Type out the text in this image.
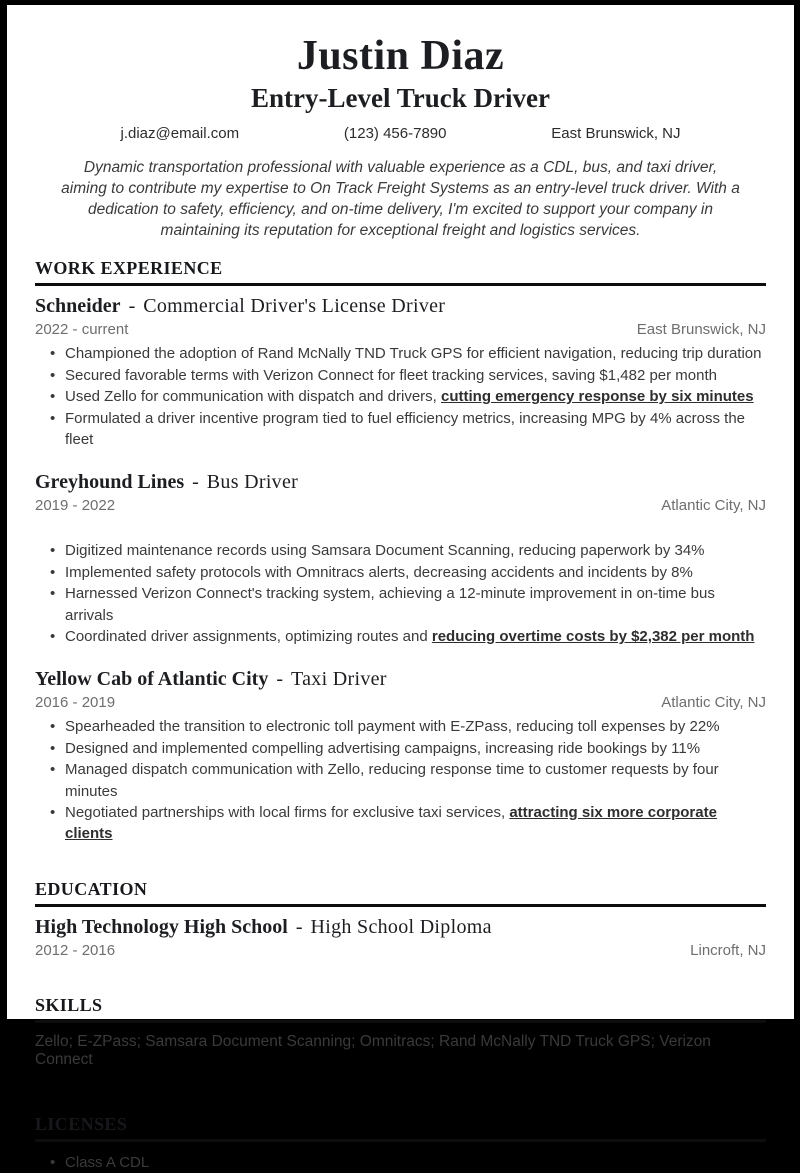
Justin Diaz
Entry-Level Truck Driver
j.diaz@email.com	(123) 456-7890	East Brunswick, NJ

Dynamic transportation professional with valuable experience as a CDL, bus, and taxi driver, aiming to contribute my expertise to On Track Freight Systems as an entry-level truck driver. With a dedication to safety, efficiency, and on-time delivery, I'm excited to support your company in maintaining its reputation for exceptional freight and logistics services.

WORK EXPERIENCE
Schneider - Commercial Driver's License Driver
2022 - current	East Brunswick, NJ
• Championed the adoption of Rand McNally TND Truck GPS for efficient navigation, reducing trip duration
• Secured favorable terms with Verizon Connect for fleet tracking services, saving $1,482 per month
• Used Zello for communication with dispatch and drivers, cutting emergency response by six minutes
• Formulated a driver incentive program tied to fuel efficiency metrics, increasing MPG by 4% across the fleet
Greyhound Lines - Bus Driver
2019 - 2022	Atlantic City, NJ
• Digitized maintenance records using Samsara Document Scanning, reducing paperwork by 34%
• Implemented safety protocols with Omnitracs alerts, decreasing accidents and incidents by 8%
• Harnessed Verizon Connect's tracking system, achieving a 12-minute improvement in on-time bus arrivals
• Coordinated driver assignments, optimizing routes and reducing overtime costs by $2,382 per month
Yellow Cab of Atlantic City - Taxi Driver
2016 - 2019	Atlantic City, NJ
• Spearheaded the transition to electronic toll payment with E-ZPass, reducing toll expenses by 22%
• Designed and implemented compelling advertising campaigns, increasing ride bookings by 11%
• Managed dispatch communication with Zello, reducing response time to customer requests by four minutes
• Negotiated partnerships with local firms for exclusive taxi services, attracting six more corporate clients
EDUCATION
High Technology High School - High School Diploma
2012 - 2016	Lincroft, NJ
SKILLS
Zello; E-ZPass; Samsara Document Scanning; Omnitracs; Rand McNally TND Truck GPS; Verizon Connect
LICENSES
• Class A CDL
